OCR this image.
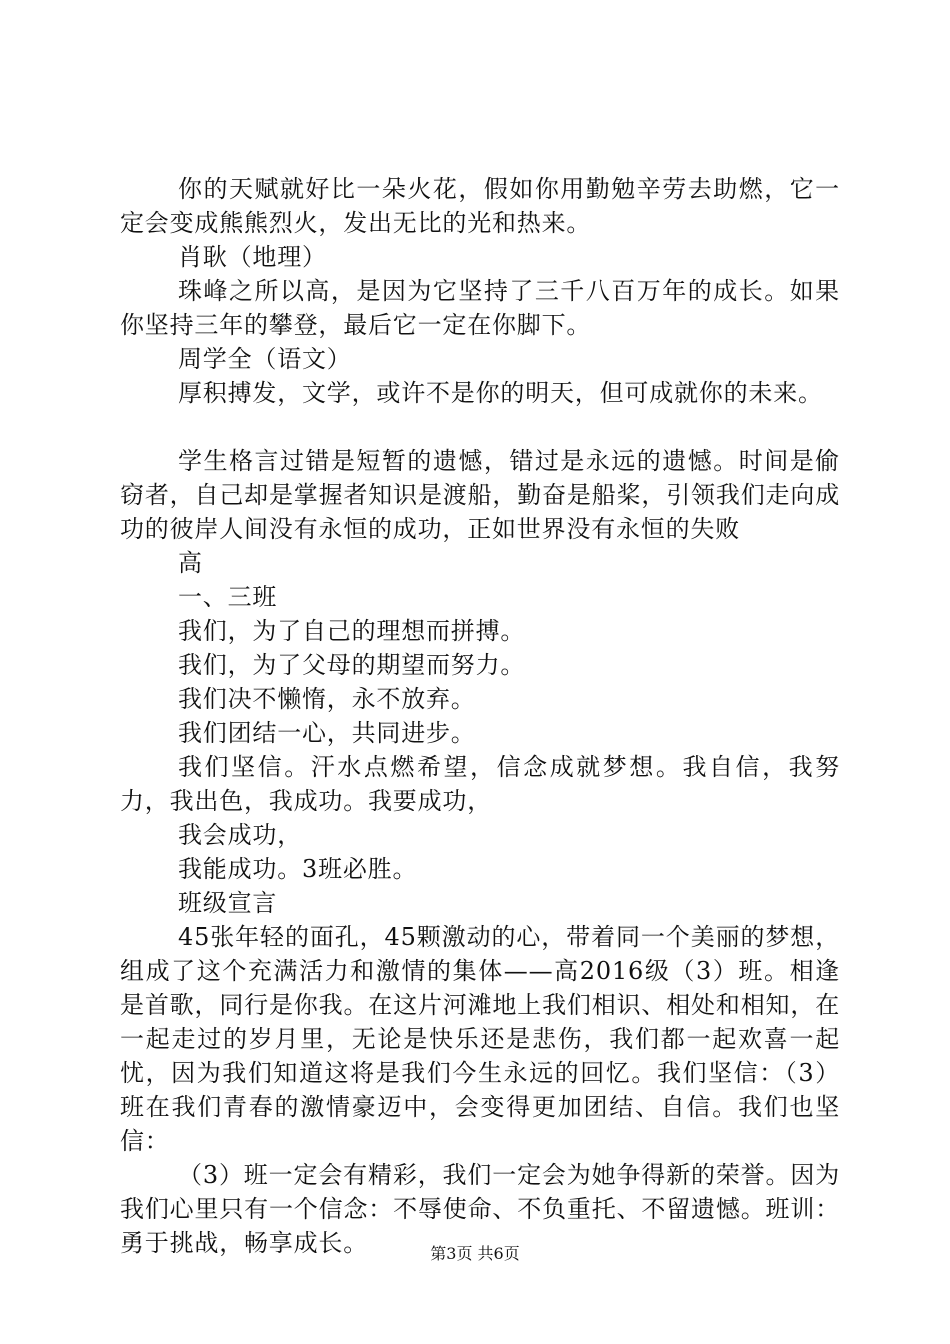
你的天赋就好比一朵火花，假如你用勤勉辛劳去助燃，它一定会变成熊熊烈火，发出无比的光和热来。

肖耿（地理）

珠峰之所以高，是因为它坚持了三千八百万年的成长。如果你坚持三年的攀登，最后它一定在你脚下。

周学全（语文）

厚积搏发，文学，或许不是你的明天，但可成就你的未来。

学生格言过错是短暂的遗憾，错过是永远的遗憾。时间是偷窃者，自己却是掌握者知识是渡船，勤奋是船桨，引领我们走向成功的彼岸人间没有永恒的成功，正如世界没有永恒的失败

高

一、三班

我们，为了自己的理想而拼搏。

我们，为了父母的期望而努力。

我们决不懒惰，永不放弃。

我们团结一心，共同进步。

我们坚信。汗水点燃希望，信念成就梦想。我自信，我努力，我出色，我成功。我要成功，

我会成功，

我能成功。3班必胜。

班级宣言

45张年轻的面孔，45颗激动的心，带着同一个美丽的梦想，组成了这个充满活力和激情的集体——高2016级（3）班。相逢是首歌，同行是你我。在这片河滩地上我们相识、相处和相知，在一起走过的岁月里，无论是快乐还是悲伤，我们都一起欢喜一起忧，因为我们知道这将是我们今生永远的回忆。我们坚信：（3）班在我们青春的激情豪迈中，会变得更加团结、自信。我们也坚信：

（3）班一定会有精彩，我们一定会为她争得新的荣誉。因为我们心里只有一个信念：不辱使命、不负重托、不留遗憾。班训：勇于挑战，畅享成长。	第3页 共6页
